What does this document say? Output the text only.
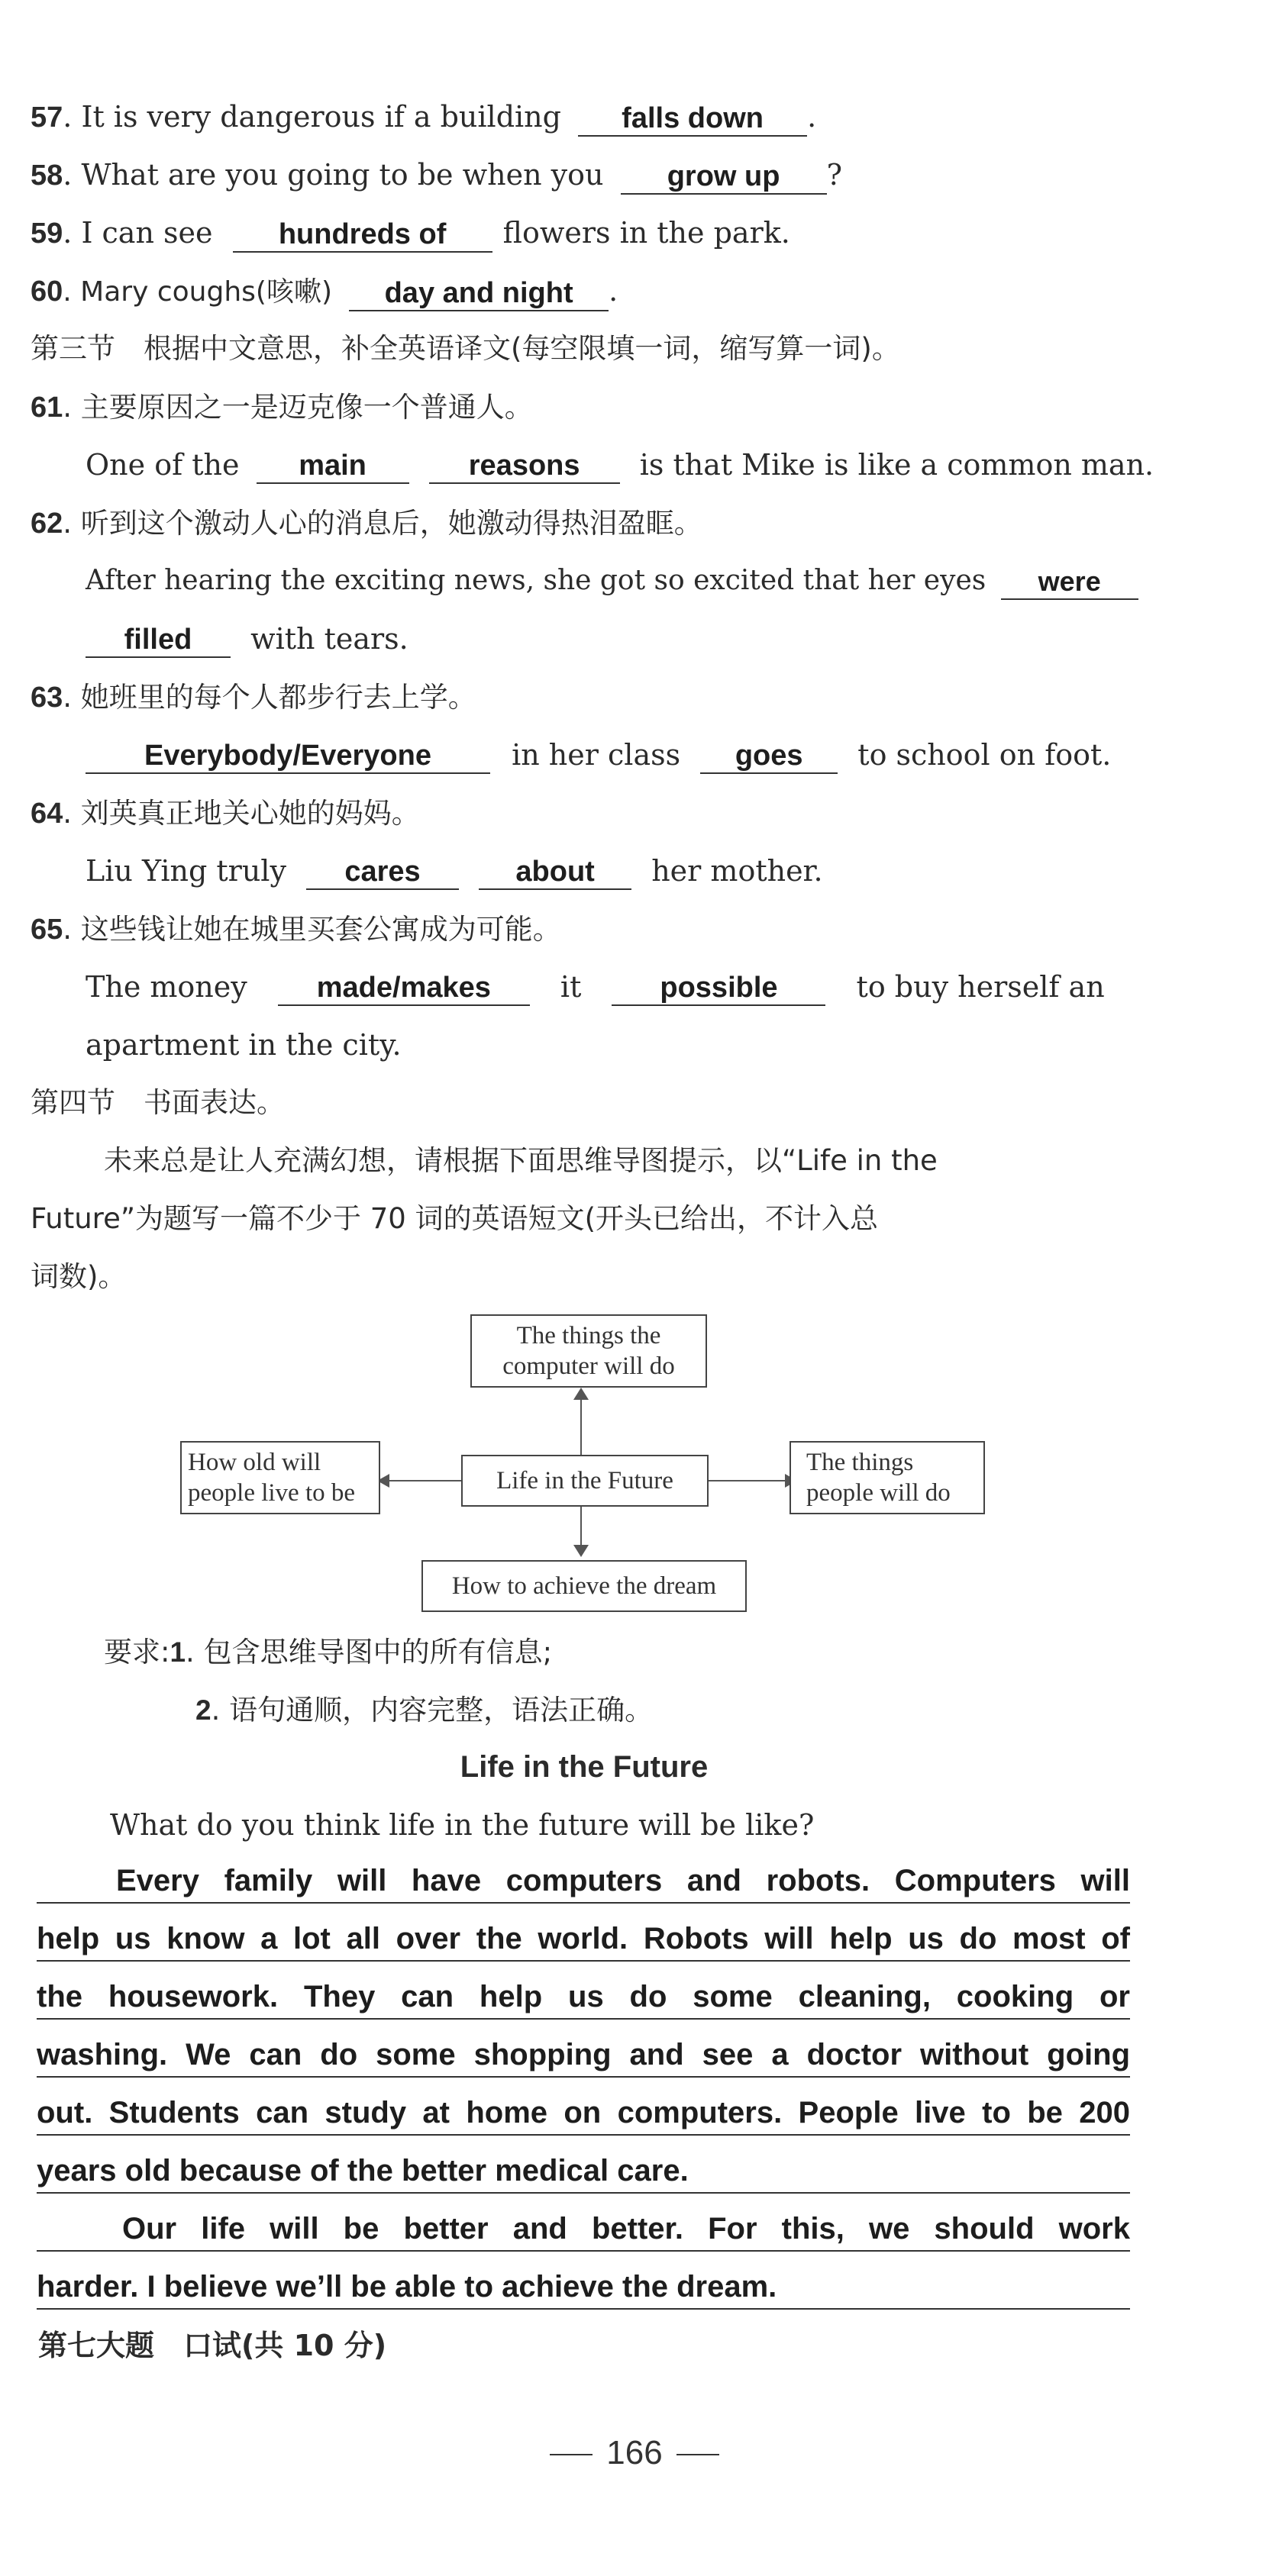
57. It is very dangerous if a building falls down .
58. What are you going to be when you grow up ?
59. I can see hundreds of flowers in the park.
60. Mary coughs(咳嗽) day and night .
第三节　根据中文意思，补全英语译文(每空限填一词，缩写算一词)。
61. 主要原因之一是迈克像一个普通人。
One of the main	reasons is that Mike is like a common man.
62. 听到这个激动人心的消息后，她激动得热泪盈眶。
After hearing the exciting news, she got so excited that her eyes were
filled with tears.
63. 她班里的每个人都步行去上学。
Everybody/Everyone	in her class goes to school on foot.
64. 刘英真正地关心她的妈妈。
Liu Ying truly cares	about her mother.
65. 这些钱让她在城里买套公寓成为可能。
The money made/makes it	possible	to buy herself an
apartment in the city.
第四节　书面表达。
未来总是让人充满幻想，请根据下面思维导图提示，以“Life in the
Future”为题写一篇不少于 70 词的英语短文(开头已给出，不计入总
词数)。
The things the computer will do
Life in the Future
How old will people live to be
The things people will do
How to achieve the dream
要求:1. 包含思维导图中的所有信息;
2. 语句通顺，内容完整，语法正确。
Life in the Future
What do you think life in the future will be like?
Every family will have computers and robots. Computers will
help us know a lot all over the world. Robots will help us do most of
the housework. They can help us do some cleaning, cooking or
washing. We can do some shopping and see a doctor without going
out. Students can study at home on computers. People live to be 200
years old because of the better medical care.
Our life will be better and better. For this, we should work
harder. I believe we’ll be able to achieve the dream.
第七大题　口试(共 10 分)
166
